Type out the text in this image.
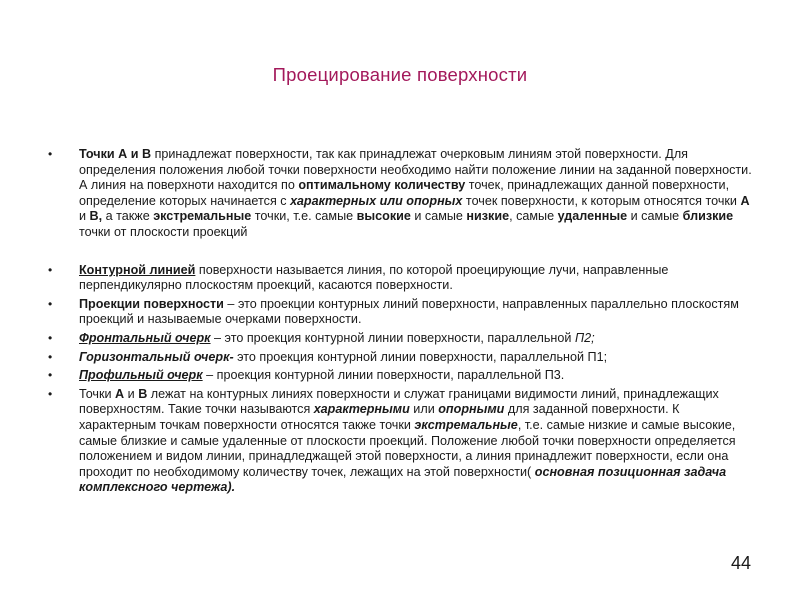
Проецирование поверхности

• Точки А и В принадлежат поверхности, так как принадлежат очерковым линиям этой поверхности. Для определения положения любой точки поверхности необходимо найти положение линии на заданной поверхности. А линия на поверхноти находится по оптимальному количеству точек, принадлежащих данной поверхности, определение которых начинается с характерных или опорных точек поверхности, к которым относятся точки А и В, а также экстремальные точки, т.е. самые высокие и самые низкие, самые удаленные и самые близкие точки от плоскости проекций

• Контурной линией поверхности называется линия, по которой проецирующие лучи, направленные перпендикулярно плоскостям проекций, касаются поверхности.

• Проекции поверхности – это проекции контурных линий поверхности, направленных параллельно плоскостям проекций и называемые очерками поверхности.

• Фронтальный очерк – это проекция контурной линии поверхности, параллельной П2;

• Горизонтальный очерк- это проекция контурной линии поверхности, параллельной П1;

• Профильный очерк – проекция контурной линии поверхности, параллельной П3.

• Точки А и В лежат на контурных линиях поверхности и служат границами видимости линий, принадлежащих поверхностям. Такие точки называются характерными или опорными для заданной поверхности. К характерным точкам поверхности относятся также точки экстремальные, т.е. самые низкие и самые высокие, самые близкие и самые удаленные от плоскости проекций. Положение любой точки поверхности определяется положением и видом линии, принадледжащей этой поверхности, а линия принадлежит поверхности, если она проходит по необходимому количеству точек, лежащих на этой поверхности( основная позиционная задача комплексного чертежа).

44
